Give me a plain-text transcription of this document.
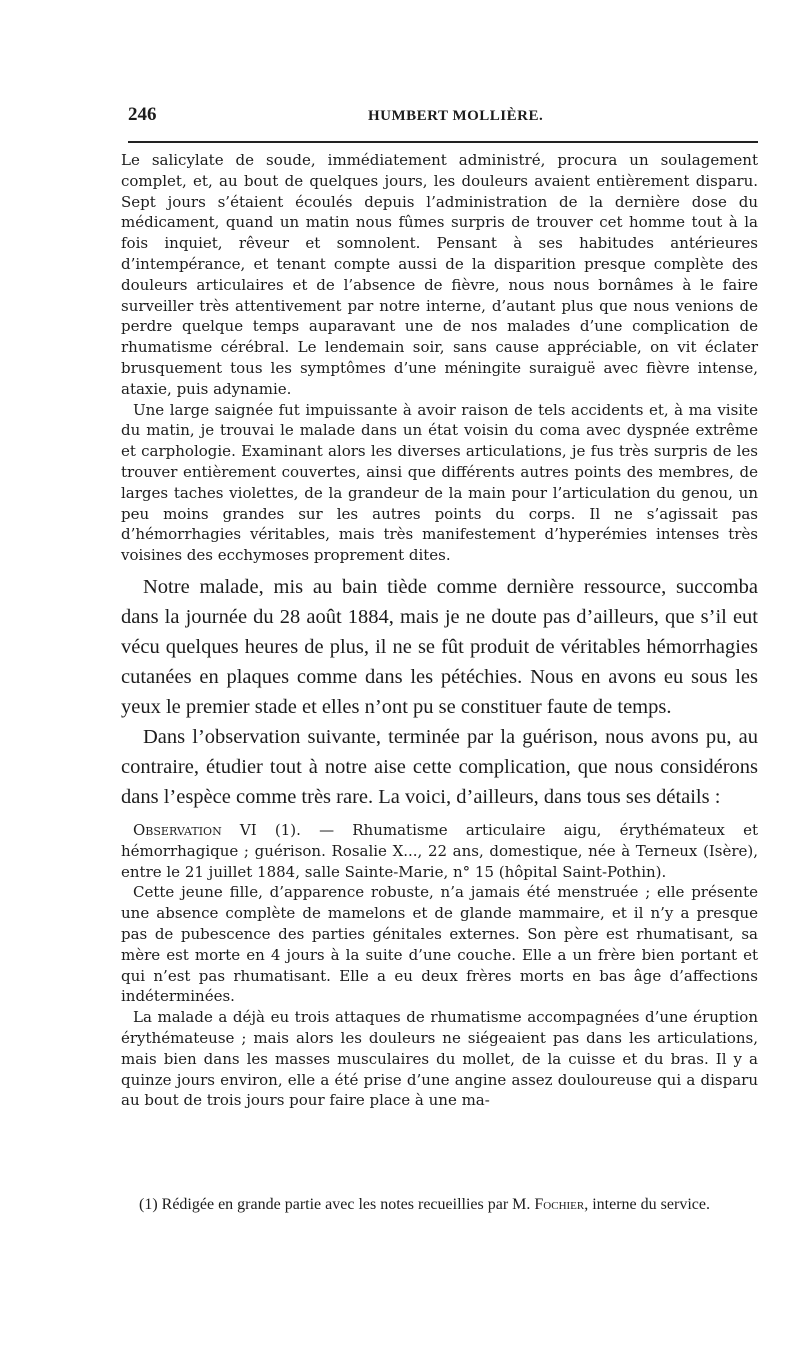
246	HUMBERT MOLLIÈRE.

Le salicylate de soude, immédiatement administré, procura un soulagement complet, et, au bout de quelques jours, les douleurs avaient entièrement disparu. Sept jours s’étaient écoulés depuis l’administration de la dernière dose du médicament, quand un matin nous fûmes surpris de trouver cet homme tout à la fois inquiet, rêveur et somnolent. Pensant à ses habitudes antérieures d’intempérance, et tenant compte aussi de la disparition presque complète des douleurs articulaires et de l’absence de fièvre, nous nous bornâmes à le faire surveiller très attentivement par notre interne, d’autant plus que nous venions de perdre quelque temps auparavant une de nos malades d’une complication de rhumatisme cérébral. Le lendemain soir, sans cause appréciable, on vit éclater brusquement tous les symptômes d’une méningite suraiguë avec fièvre intense, ataxie, puis adynamie.

Une large saignée fut impuissante à avoir raison de tels accidents et, à ma visite du matin, je trouvai le malade dans un état voisin du coma avec dyspnée extrême et carphologie. Examinant alors les diverses articulations, je fus très surpris de les trouver entièrement couvertes, ainsi que différents autres points des membres, de larges taches violettes, de la grandeur de la main pour l’articulation du genou, un peu moins grandes sur les autres points du corps. Il ne s’agissait pas d’hémorrhagies véritables, mais très manifestement d’hyperémies intenses très voisines des ecchymoses proprement dites.

Notre malade, mis au bain tiède comme dernière ressource, succomba dans la journée du 28 août 1884, mais je ne doute pas d’ailleurs, que s’il eut vécu quelques heures de plus, il ne se fût produit de véritables hémorrhagies cutanées en plaques comme dans les pétéchies. Nous en avons eu sous les yeux le premier stade et elles n’ont pu se constituer faute de temps.

Dans l’observation suivante, terminée par la guérison, nous avons pu, au contraire, étudier tout à notre aise cette complication, que nous considérons dans l’espèce comme très rare. La voici, d’ailleurs, dans tous ses détails :

Observation VI (1). — Rhumatisme articulaire aigu, érythémateux et hémorrhagique ; guérison. Rosalie X..., 22 ans, domestique, née à Terneux (Isère), entre le 21 juillet 1884, salle Sainte-Marie, n° 15 (hôpital Saint-Pothin).

Cette jeune fille, d’apparence robuste, n’a jamais été menstruée ; elle présente une absence complète de mamelons et de glande mammaire, et il n’y a presque pas de pubescence des parties génitales externes. Son père est rhumatisant, sa mère est morte en 4 jours à la suite d’une couche. Elle a un frère bien portant et qui n’est pas rhumatisant. Elle a eu deux frères morts en bas âge d’affections indéterminées.

La malade a déjà eu trois attaques de rhumatisme accompagnées d’une éruption érythémateuse ; mais alors les douleurs ne siégeaient pas dans les articulations, mais bien dans les masses musculaires du mollet, de la cuisse et du bras. Il y a quinze jours environ, elle a été prise d’une angine assez douloureuse qui a disparu au bout de trois jours pour faire place à une ma-

(1) Rédigée en grande partie avec les notes recueillies par M. Fochier, interne du service.
